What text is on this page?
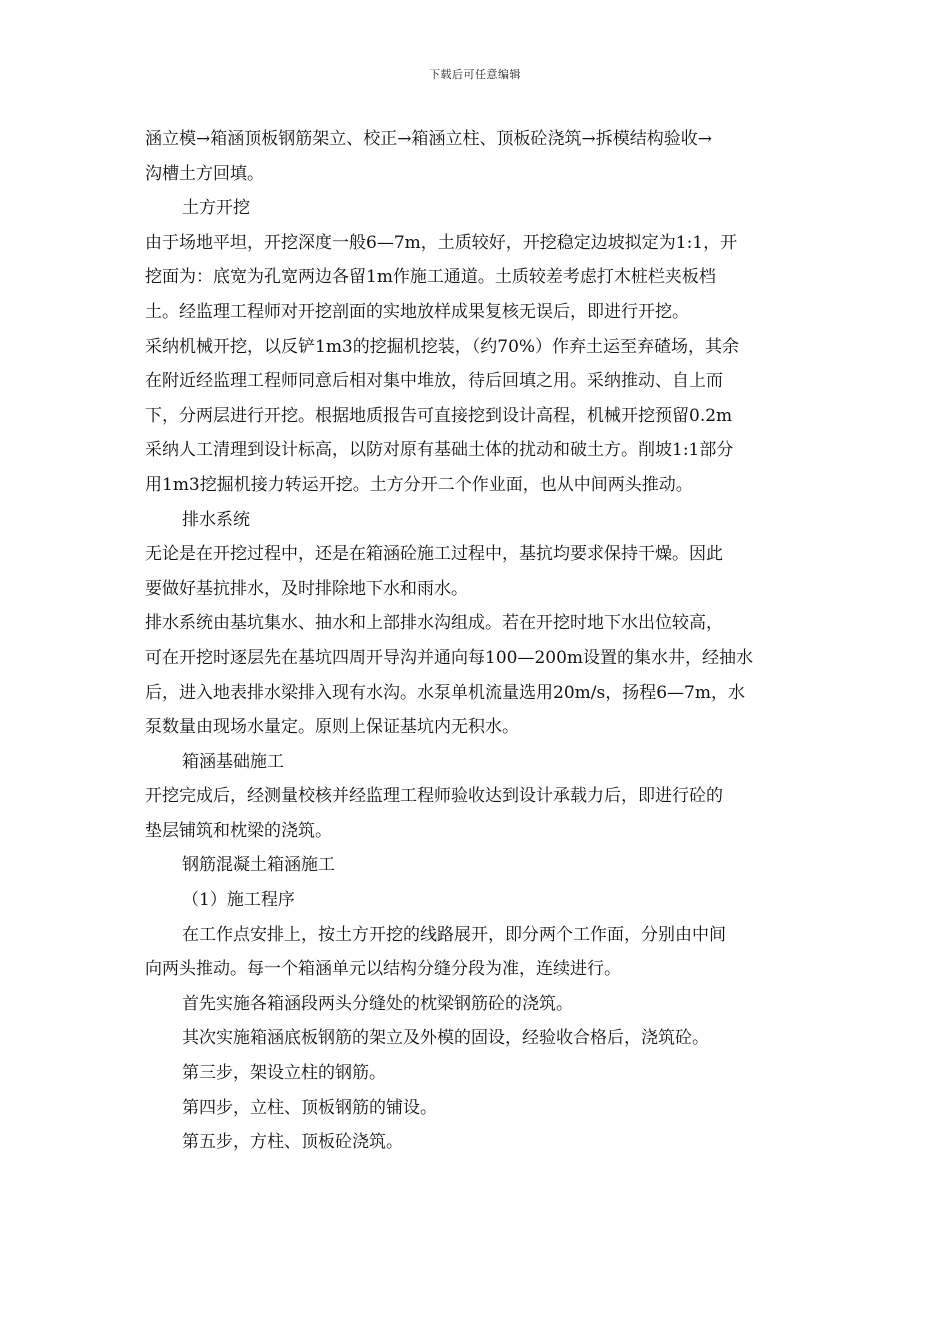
下载后可任意编辑
涵立模→箱涵顶板钢筋架立、校正→箱涵立柱、顶板砼浇筑→拆模结构验收→
沟槽土方回填。
土方开挖
由于场地平坦，开挖深度一般6—7m，土质较好，开挖稳定边坡拟定为1:1，开
挖面为：底宽为孔宽两边各留1m作施工通道。土质较差考虑打木桩栏夹板档
土。经监理工程师对开挖剖面的实地放样成果复核无误后，即进行开挖。
采纳机械开挖，以反铲1m3的挖掘机挖装，（约70%）作弃土运至弃碴场，其余
在附近经监理工程师同意后相对集中堆放，待后回填之用。采纳推动、自上而
下，分两层进行开挖。根据地质报告可直接挖到设计高程，机械开挖预留0.2m
采纳人工清理到设计标高，以防对原有基础土体的扰动和破土方。削坡1:1部分
用1m3挖掘机接力转运开挖。土方分开二个作业面，也从中间两头推动。
排水系统
无论是在开挖过程中，还是在箱涵砼施工过程中，基抗均要求保持干燥。因此
要做好基抗排水，及时排除地下水和雨水。
排水系统由基坑集水、抽水和上部排水沟组成。若在开挖时地下水出位较高，
可在开挖时逐层先在基坑四周开导沟并通向每100—200m设置的集水井，经抽水
后，进入地表排水梁排入现有水沟。水泵单机流量选用20m/s，扬程6—7m，水
泵数量由现场水量定。原则上保证基坑内无积水。
箱涵基础施工
开挖完成后，经测量校核并经监理工程师验收达到设计承载力后，即进行砼的
垫层铺筑和枕梁的浇筑。
钢筋混凝土箱涵施工
（1）施工程序
在工作点安排上，按土方开挖的线路展开，即分两个工作面，分别由中间
向两头推动。每一个箱涵单元以结构分缝分段为准，连续进行。
首先实施各箱涵段两头分缝处的枕梁钢筋砼的浇筑。
其次实施箱涵底板钢筋的架立及外模的固设，经验收合格后，浇筑砼。
第三步，架设立柱的钢筋。
第四步，立柱、顶板钢筋的铺设。
第五步，方柱、顶板砼浇筑。
